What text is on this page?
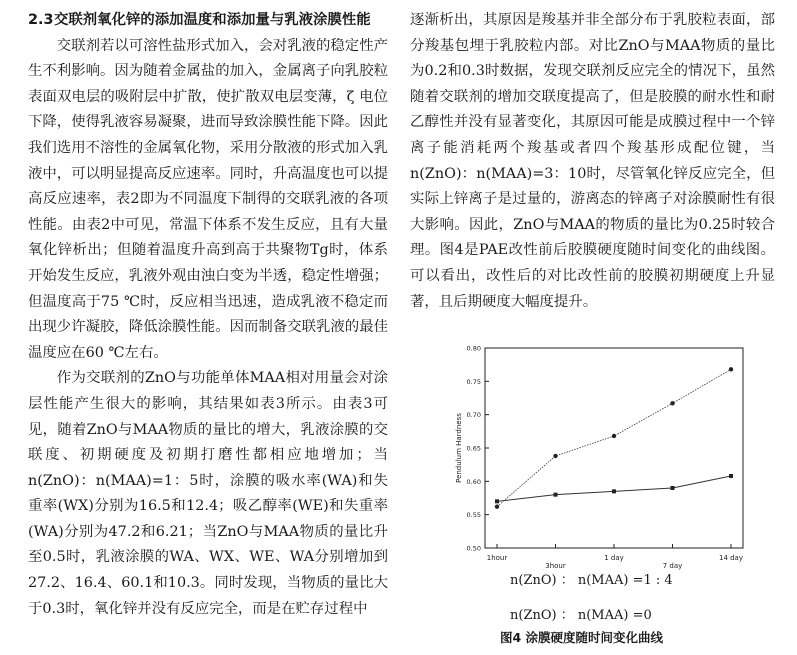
2.3交联剂氧化锌的添加温度和添加量与乳液涂膜性能

交联剂若以可溶性盐形式加入，会对乳液的稳定性产生不利影响。因为随着金属盐的加入，金属离子向乳胶粒表面双电层的吸附层中扩散，使扩散双电层变薄，ζ 电位下降，使得乳液容易凝聚，进而导致涂膜性能下降。因此我们选用不溶性的金属氧化物，采用分散液的形式加入乳液中，可以明显提高反应速率。同时，升高温度也可以提高反应速率，表2即为不同温度下制得的交联乳液的各项性能。由表2中可见，常温下体系不发生反应，且有大量氧化锌析出；但随着温度升高到高于共聚物Tg时，体系开始发生反应，乳液外观由浊白变为半透，稳定性增强；但温度高于75 ℃时，反应相当迅速，造成乳液不稳定而出现少许凝胶，降低涂膜性能。因而制备交联乳液的最佳温度应在60 ℃左右。

作为交联剂的ZnO与功能单体MAA相对用量会对涂层性能产生很大的影响，其结果如表3所示。由表3可见，随着ZnO与MAA物质的量比的增大，乳液涂膜的交联度、初期硬度及初期打磨性都相应地增加；当n(ZnO)：n(MAA)=1：5时，涂膜的吸水率(WA)和失重率(WX)分别为16.5和12.4；吸乙醇率(WE)和失重率(WA)分别为47.2和6.21；当ZnO与MAA物质的量比升至0.5时，乳液涂膜的WA、WX、WE、WA分别增加到27.2、16.4、60.1和10.3。同时发现，当物质的量比大于0.3时，氧化锌并没有反应完全，而是在贮存过程中

逐渐析出，其原因是羧基并非全部分布于乳胶粒表面，部分羧基包埋于乳胶粒内部。对比ZnO与MAA物质的量比为0.2和0.3时数据，发现交联剂反应完全的情况下，虽然随着交联剂的增加交联度提高了，但是胶膜的耐水性和耐乙醇性并没有显著变化，其原因可能是成膜过程中一个锌离子能消耗两个羧基或者四个羧基形成配位键，当n(ZnO)：n(MAA)=3：10时，尽管氧化锌反应完全，但实际上锌离子是过量的，游离态的锌离子对涂膜耐性有很大影响。因此，ZnO与MAA的物质的量比为0.25时较合理。图4是PAE改性前后胶膜硬度随时间变化的曲线图。可以看出，改性后的对比改性前的胶膜初期硬度上升显著，且后期硬度大幅度提升。

0.50
0.55
0.60
0.65
0.70
0.75
0.80
1hour
3hour
1 day
7 day
14 day
Pendulum Hardness
n(ZnO) ： n(MAA) =1 : 4
n(ZnO) ： n(MAA) =0
图4 涂膜硬度随时间变化曲线
